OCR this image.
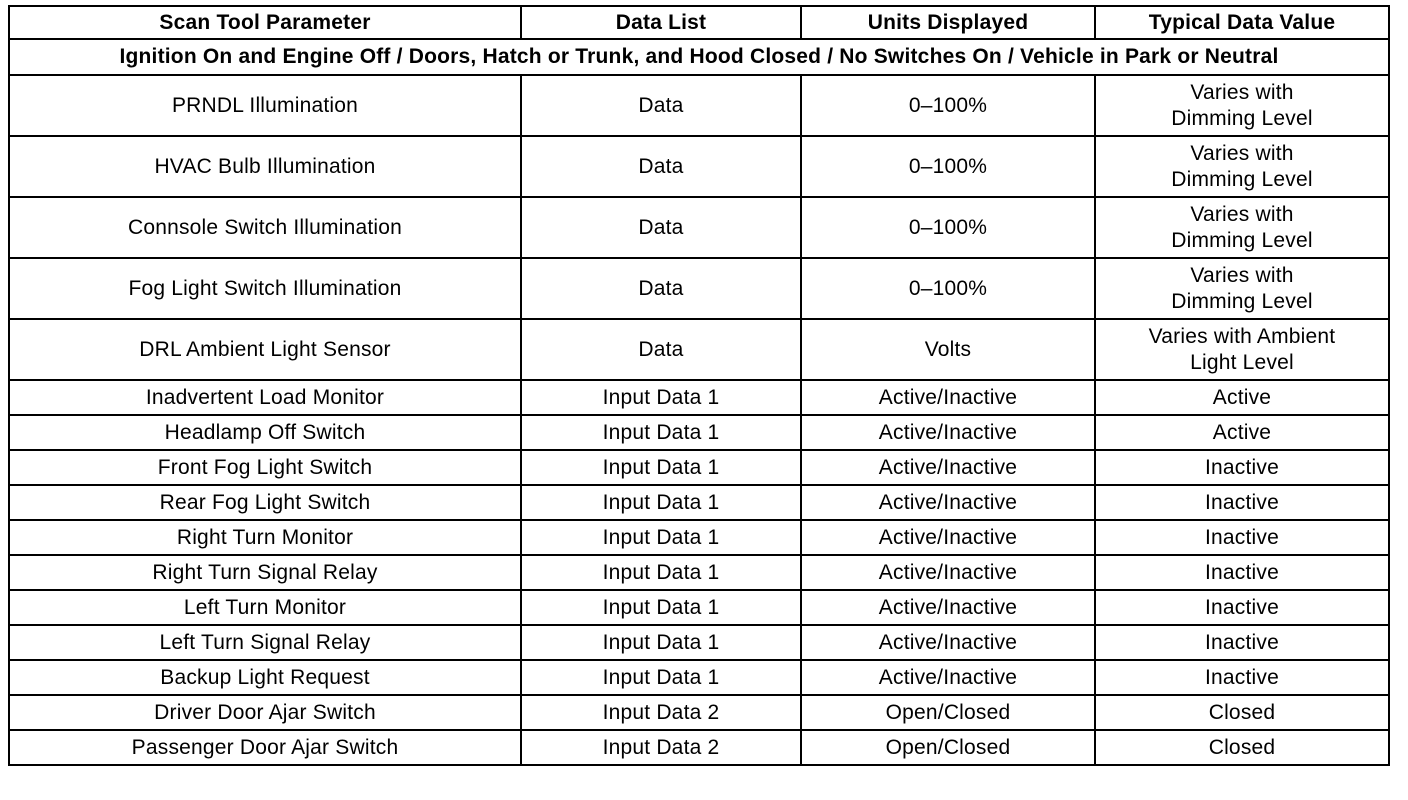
Scan Tool Parameter	Data List	Units Displayed	Typical Data Value
Ignition On and Engine Off / Doors, Hatch or Trunk, and Hood Closed / No Switches On / Vehicle in Park or Neutral			
PRNDL Illumination	Data	0–100%	Varies with
Dimming Level
HVAC Bulb Illumination	Data	0–100%	Varies with
Dimming Level
Connsole Switch Illumination	Data	0–100%	Varies with
Dimming Level
Fog Light Switch Illumination	Data	0–100%	Varies with
Dimming Level
DRL Ambient Light Sensor	Data	Volts	Varies with Ambient
Light Level
Inadvertent Load Monitor	Input Data 1	Active/Inactive	Active
Headlamp Off Switch	Input Data 1	Active/Inactive	Active
Front Fog Light Switch	Input Data 1	Active/Inactive	Inactive
Rear Fog Light Switch	Input Data 1	Active/Inactive	Inactive
Right Turn Monitor	Input Data 1	Active/Inactive	Inactive
Right Turn Signal Relay	Input Data 1	Active/Inactive	Inactive
Left Turn Monitor	Input Data 1	Active/Inactive	Inactive
Left Turn Signal Relay	Input Data 1	Active/Inactive	Inactive
Backup Light Request	Input Data 1	Active/Inactive	Inactive
Driver Door Ajar Switch	Input Data 2	Open/Closed	Closed
Passenger Door Ajar Switch	Input Data 2	Open/Closed	Closed
